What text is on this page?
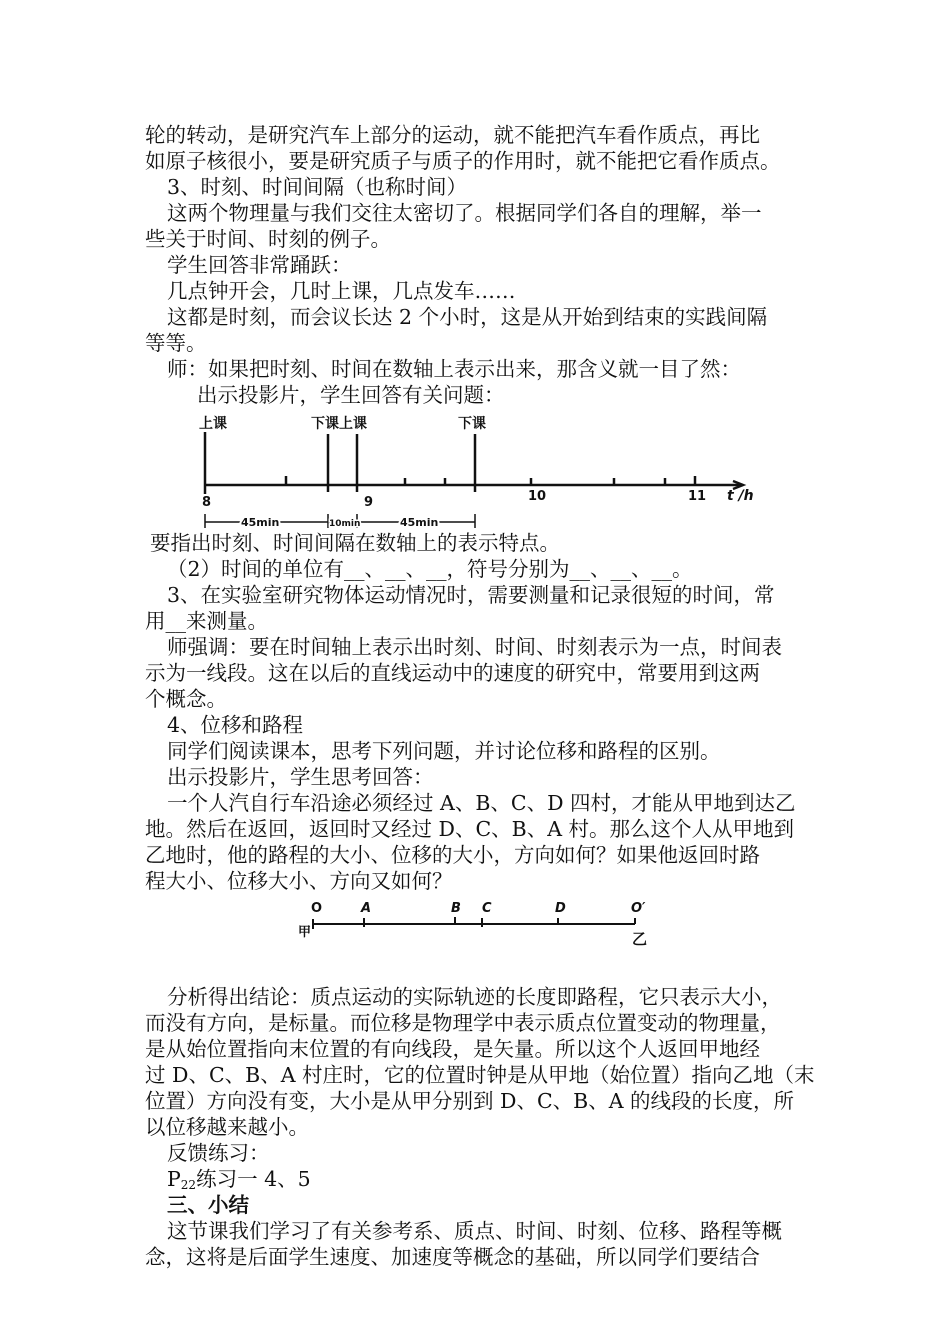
轮的转动，是研究汽车上部分的运动，就不能把汽车看作质点，再比
如原子核很小，要是研究质子与质子的作用时，就不能把它看作质点。
3、时刻、时间间隔（也称时间）
这两个物理量与我们交往太密切了。根据同学们各自的理解，举一
些关于时间、时刻的例子。
学生回答非常踊跃：
几点钟开会，几时上课，几点发车……
这都是时刻，而会议长达 2 个小时，这是从开始到结束的实践间隔
等等。
师：如果把时刻、时间在数轴上表示出来，那含义就一目了然：
出示投影片，学生回答有关问题：
上课	下课上课	下课
8	9	10	11 t /h
45min	10min	45min
要指出时刻、时间间隔在数轴上的表示特点。
（2）时间的单位有__、__、__，符号分别为__、__、__。
3、在实验室研究物体运动情况时，需要测量和记录很短的时间，常
用__来测量。
师强调：要在时间轴上表示出时刻、时间、时刻表示为一点，时间表
示为一线段。这在以后的直线运动中的速度的研究中，常要用到这两
个概念。
4、位移和路程
同学们阅读课本，思考下列问题，并讨论位移和路程的区别。
出示投影片，学生思考回答：
一个人汽自行车沿途必须经过 A、B、C、D 四村，才能从甲地到达乙
地。然后在返回，返回时又经过 D、C、B、A 村。那么这个人从甲地到
乙地时，他的路程的大小、位移的大小，方向如何？如果他返回时路
程大小、位移大小、方向又如何？
O	A	B C	D	O′
甲	乙
分析得出结论：质点运动的实际轨迹的长度即路程，它只表示大小，
而没有方向，是标量。而位移是物理学中表示质点位置变动的物理量，
是从始位置指向末位置的有向线段，是矢量。所以这个人返回甲地经
过 D、C、B、A 村庄时，它的位置时钟是从甲地（始位置）指向乙地（末
位置）方向没有变，大小是从甲分别到 D、C、B、A 的线段的长度，所
以位移越来越小。
反馈练习：
$P_{22}$练习一 4、5
三、小结
这节课我们学习了有关参考系、质点、时间、时刻、位移、路程等概
念，这将是后面学生速度、加速度等概念的基础，所以同学们要结合
